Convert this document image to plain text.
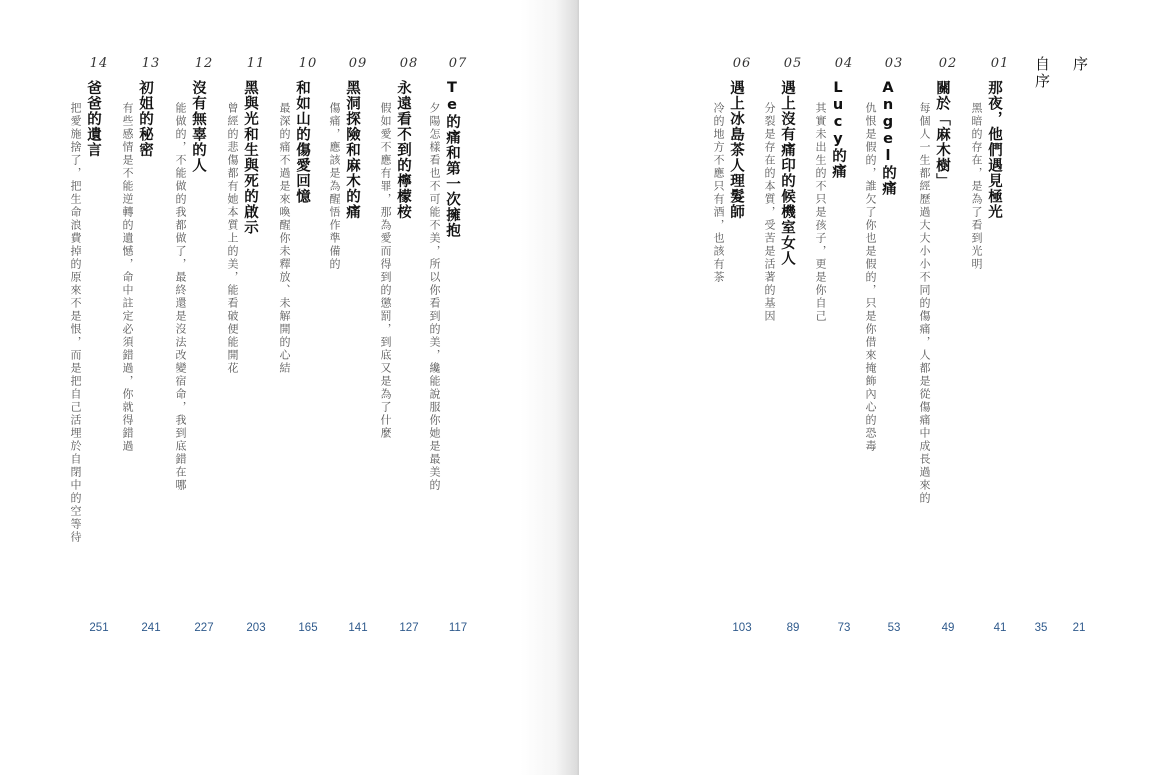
07
Te的痛和第一次擁抱
夕陽怎樣看也不可能不美，所以你看到的美，纔能說服你她是最美的
117
08
永遠看不到的檸檬桉
假如愛不應有罪，那為愛而得到的懲罰，到底又是為了什麼
127
09
黑洞探險和麻木的痛
傷痛，應該是為醒悟作準備的
141
10
和如山的傷愛回憶
最深的痛不過是來喚醒你未釋放、未解開的心結
165
11
黑與光和生與死的啟示
曾經的悲傷都有她本質上的美，能看破便能開花
203
12
沒有無辜的人
能做的，不能做的我都做了，最終還是沒法改變宿命，我到底錯在哪
227
13
初姐的秘密
有些感情是不能逆轉的遺憾，命中註定必須錯過，你就得錯過
241
14
爸爸的遺言
把愛施捨了，把生命浪費掉的原來不是恨，而是把自己活埋於自閉中的空等待
251
序
21
自序
35
01
那夜，他們遇見極光
黑暗的存在，是為了看到光明
41
02
關於「麻木樹」
每個人一生都經歷過大大小小不同的傷痛，人都是從傷痛中成長過來的
49
03
Angel的痛
仇恨是假的，誰欠了你也是假的，只是你借來掩飾內心的恐毒
53
04
Lucy的痛
其實未出生的不只是孩子，更是你自己
73
05
遇上沒有痛印的候機室女人
分裂是存在的本質，受苦是活著的基因
89
06
遇上冰島茶人理髮師
冷的地方不應只有酒，也該有茶
103
